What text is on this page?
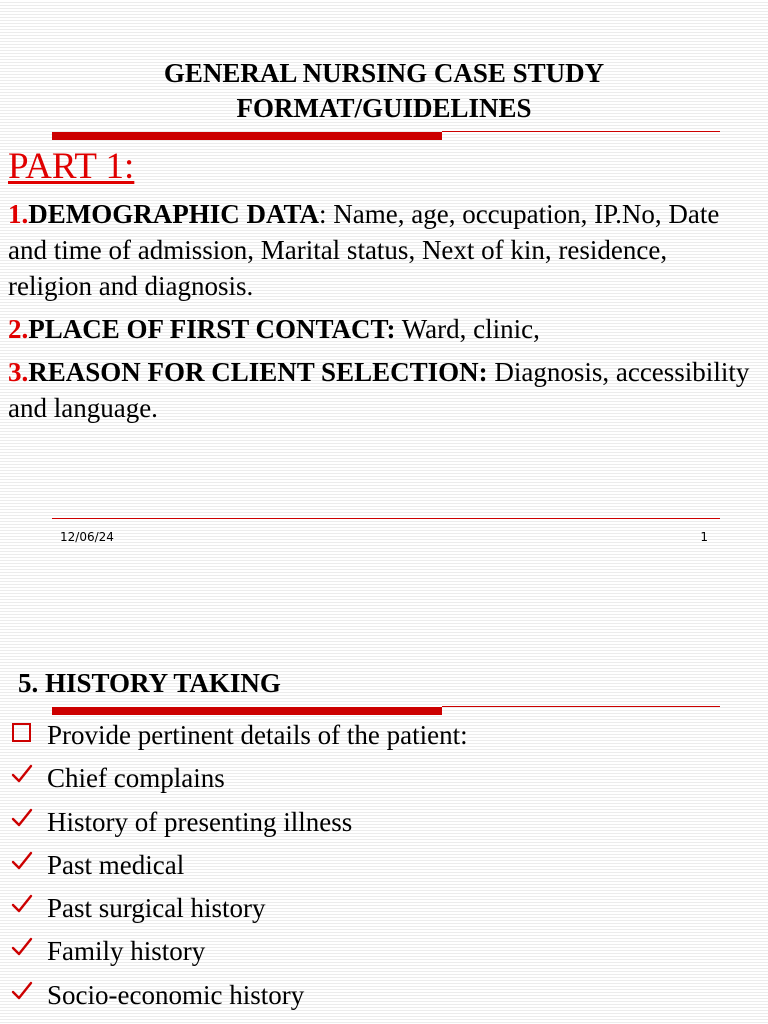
GENERAL NURSING CASE STUDY
FORMAT/GUIDELINES
PART 1:
1.DEMOGRAPHIC DATA: Name, age, occupation, IP.No, Date and time of admission, Marital status, Next of kin, residence, religion and diagnosis.
2.PLACE OF FIRST CONTACT: Ward, clinic,
3.REASON FOR CLIENT SELECTION: Diagnosis, accessibility and language.
12/06/24	1
5. HISTORY TAKING
Provide pertinent details of the patient:
Chief complains
History of presenting illness
Past medical
Past surgical history
Family history
Socio-economic history
